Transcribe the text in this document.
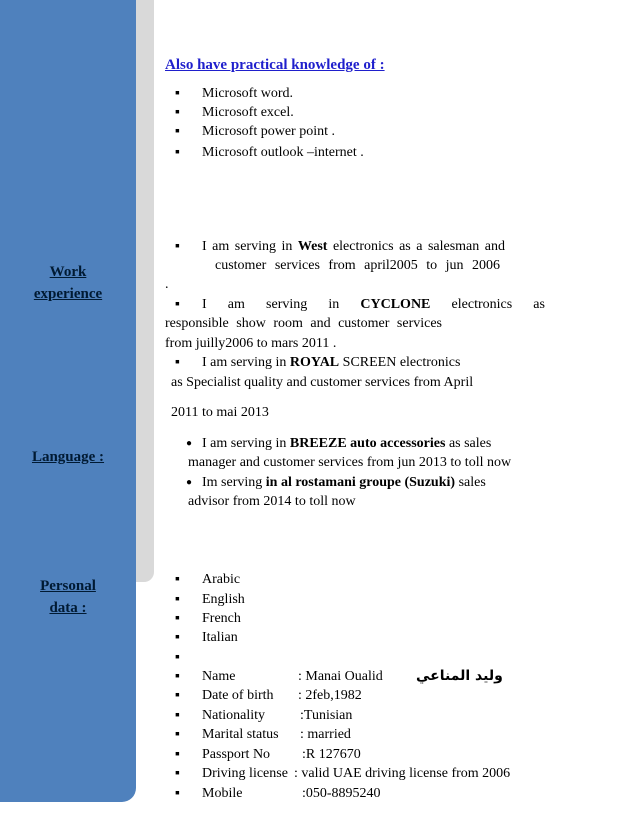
Work
experience
Language :
Personal
data :
Also have practical knowledge of :
▪ Microsoft word.
▪ Microsoft excel.
▪ Microsoft power point .
▪ Microsoft outlook –internet .
▪ I am serving in West electronics as a salesman and
customer services from april2005 to jun 2006
.
▪ I am serving in CYCLONE electronics as
responsible show room and customer services
from juilly2006 to mars 2011 .
▪ I am serving in ROYAL SCREEN electronics
as Specialist quality and customer services from April
2011 to mai 2013
● I am serving in BREEZE auto accessories as sales
manager and customer services from jun 2013 to toll now
● Im serving in al rostamani groupe (Suzuki) sales
advisor from 2014 to toll now
▪ Arabic
▪ English
▪ French
▪ Italian
▪ Name	: Manai Oualid وليد المناعي
▪ Date of birth : 2feb,1982
▪ Nationality	:Tunisian
▪ Marital status : married
▪ Passport No :R 127670
▪ Driving license : valid UAE driving license from 2006
▪ Mobile	:050-8895240
